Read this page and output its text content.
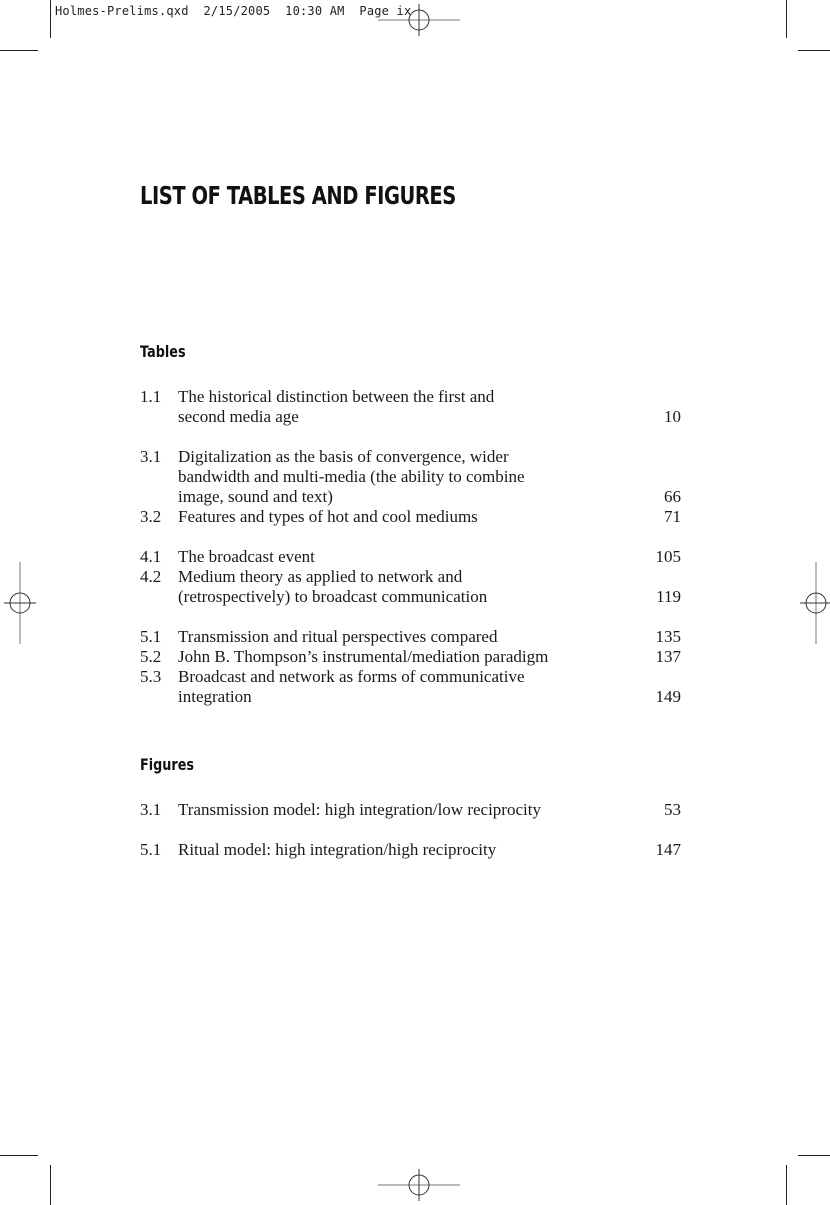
Holmes-Prelims.qxd  2/15/2005  10:30 AM  Page ix
LIST OF TABLES AND FIGURES
Tables
1.1 The historical distinction between the first and
second media age	10
3.1 Digitalization as the basis of convergence, wider
bandwidth and multi-media (the ability to combine
image, sound and text)	66
3.2 Features and types of hot and cool mediums	71
4.1 The broadcast event	105
4.2 Medium theory as applied to network and
(retrospectively) to broadcast communication	119
5.1 Transmission and ritual perspectives compared	135
5.2 John B. Thompson’s instrumental/mediation paradigm	137
5.3 Broadcast and network as forms of communicative
integration	149
Figures
3.1 Transmission model: high integration/low reciprocity	53
5.1 Ritual model: high integration/high reciprocity	147
